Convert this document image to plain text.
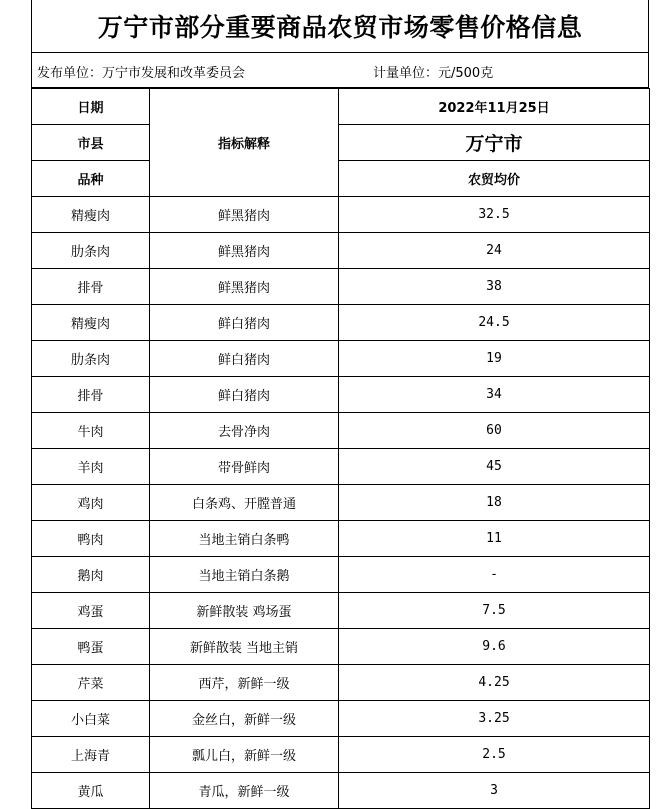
万宁市部分重要商品农贸市场零售价格信息
发布单位：万宁市发展和改革委员会	计量单位：元/500克
日期	指标解释	2022年11月25日
市县		万宁市
品种		农贸均价
精瘦肉	鲜黑猪肉	32.5
肋条肉	鲜黑猪肉	24
排骨	鲜黑猪肉	38
精瘦肉	鲜白猪肉	24.5
肋条肉	鲜白猪肉	19
排骨	鲜白猪肉	34
牛肉	去骨净肉	60
羊肉	带骨鲜肉	45
鸡肉	白条鸡、开膛普通	18
鸭肉	当地主销白条鸭	11
鹅肉	当地主销白条鹅	-
鸡蛋	新鲜散装 鸡场蛋	7.5
鸭蛋	新鲜散装 当地主销	9.6
芹菜	西芹，新鲜一级	4.25
小白菜	金丝白，新鲜一级	3.25
上海青	瓢儿白，新鲜一级	2.5
黄瓜	青瓜，新鲜一级	3
